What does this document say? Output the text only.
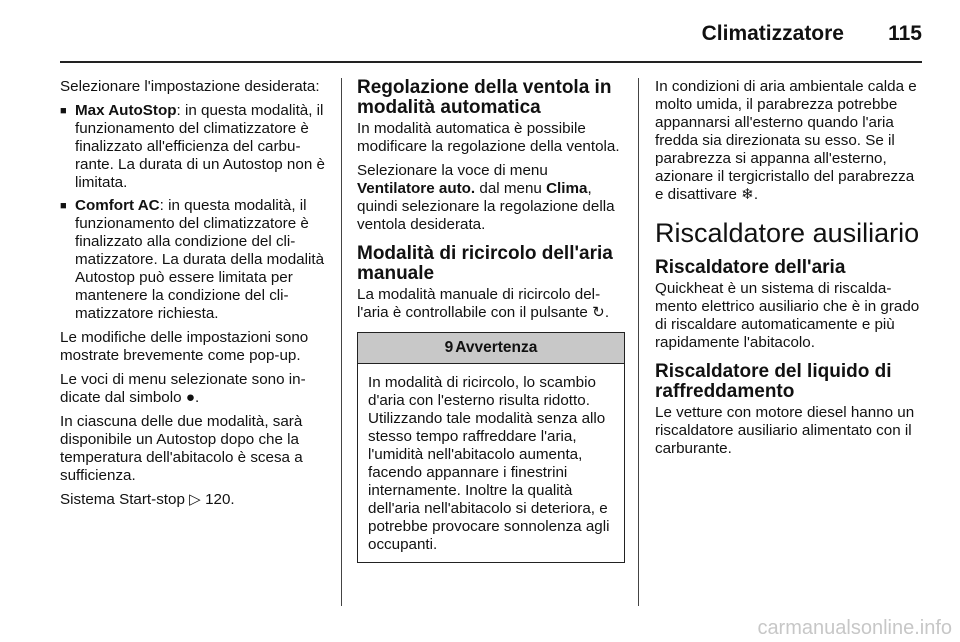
Climatizzatore 115

Selezionare l'impostazione desiderata:

■ Max AutoStop: in questa modalità, il funzionamento del climatizzatore è finalizzato all'efficienza del carburante. La durata di un Autostop non è limitata.
■ Comfort AC: in questa modalità, il funzionamento del climatizzatore è finalizzato alla condizione del climatizzatore. La durata della modalità Autostop può essere limitata per mantenere la condizione del climatizzatore richiesta.

Le modifiche delle impostazioni sono mostrate brevemente come pop-up.

Le voci di menu selezionate sono indicate dal simbolo ●.

In ciascuna delle due modalità, sarà disponibile un Autostop dopo che la temperatura dell'abitacolo è scesa a sufficienza.

Sistema Start-stop ▷ 120.

Regolazione della ventola in modalità automatica

In modalità automatica è possibile modificare la regolazione della ventola.

Selezionare la voce di menu Ventilatore auto. dal menu Clima, quindi selezionare la regolazione della ventola desiderata.

Modalità di ricircolo dell'aria manuale

La modalità manuale di ricircolo dell'aria è controllabile con il pulsante ↻.

9 Avvertenza
In modalità di ricircolo, lo scambio d'aria con l'esterno risulta ridotto. Utilizzando tale modalità senza allo stesso tempo raffreddare l'aria, l'umidità nell'abitacolo aumenta, facendo appannare i finestrini internamente. Inoltre la qualità dell'aria nell'abitacolo si deteriora, e potrebbe provocare sonnolenza agli occupanti.

In condizioni di aria ambientale calda e molto umida, il parabrezza potrebbe appannarsi all'esterno quando l'aria fredda sia direzionata su esso. Se il parabrezza si appanna all'esterno, azionare il tergicristallo del parabrezza e disattivare ❄.

Riscaldatore ausiliario
Riscaldatore dell'aria

Quickheat è un sistema di riscaldamento elettrico ausiliario che è in grado di riscaldare automaticamente e più rapidamente l'abitacolo.

Riscaldatore del liquido di raffreddamento

Le vetture con motore diesel hanno un riscaldatore ausiliario alimentato con il carburante.

carmanualsonline.info
